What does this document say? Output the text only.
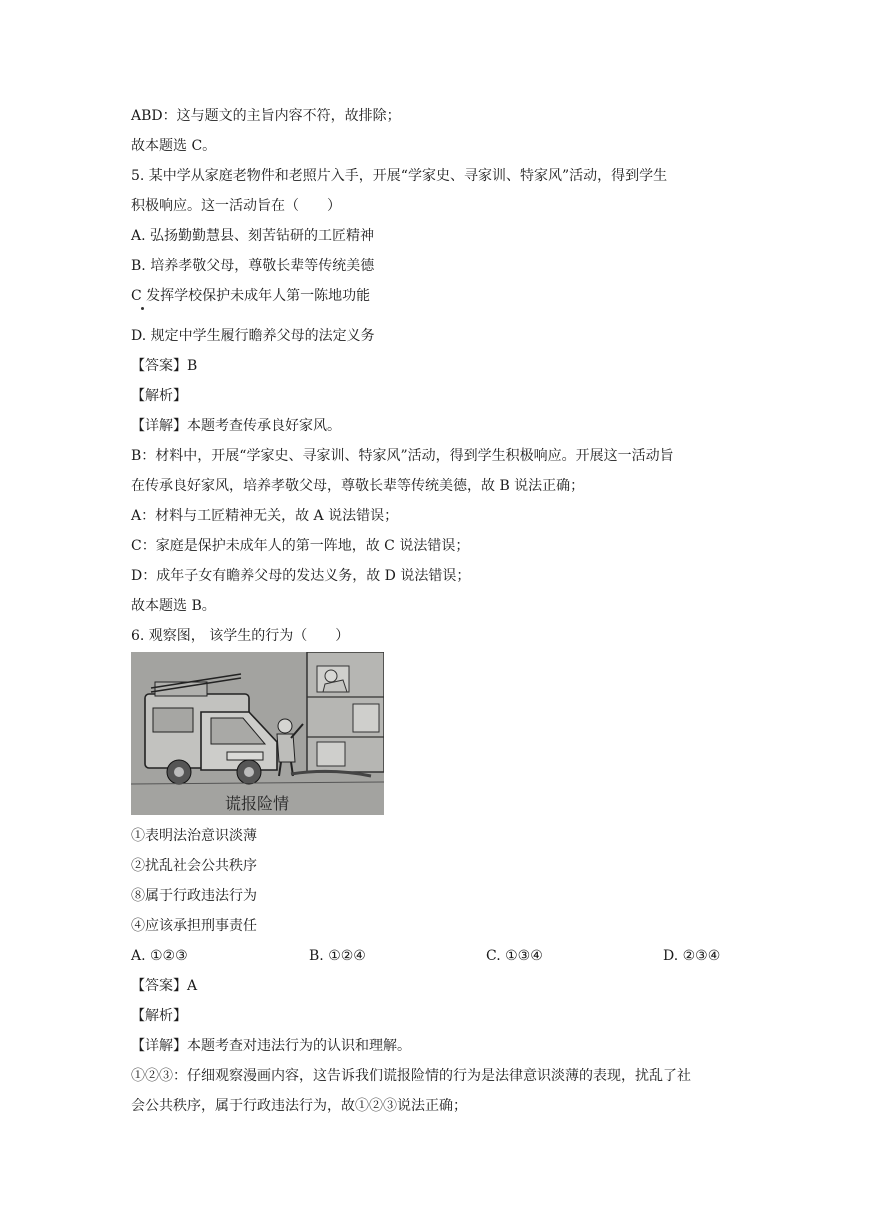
ABD：这与题文的主旨内容不符，故排除；
故本题选 C。
5. 某中学从家庭老物件和老照片入手，开展“学家史、寻家训、特家风”活动，得到学生
积极响应。这一活动旨在（　　）
A. 弘扬勤勤慧县、刻苦钻研的工匠精神
B. 培养孝敬父母，尊敬长辈等传统美德
C 发挥学校保护未成年人第一陈地功能
D. 规定中学生履行瞻养父母的法定义务
【答案】B
【解析】
【详解】本题考查传承良好家风。
B：材料中，开展“学家史、寻家训、特家风”活动，得到学生积极响应。开展这一活动旨
在传承良好家风，培养孝敬父母，尊敬长辈等传统美德，故 B 说法正确；
A：材料与工匠精神无关，故 A 说法错误；
C：家庭是保护未成年人的第一阵地，故 C 说法错误；
D：成年子女有瞻养父母的发达义务，故 D 说法错误；
故本题选 B。
6. 观察图， 该学生的行为（　　）
谎报险情
①表明法治意识淡薄
②扰乱社会公共秩序
⑧属于行政违法行为
④应该承担刑事责任
A. ①②③	B. ①②④	C. ①③④	D. ②③④
【答案】A
【解析】
【详解】本题考查对违法行为的认识和理解。
①②③：仔细观察漫画内容，这告诉我们谎报险情的行为是法律意识淡薄的表现，扰乱了社
会公共秩序，属于行政违法行为，故①②③说法正确；
